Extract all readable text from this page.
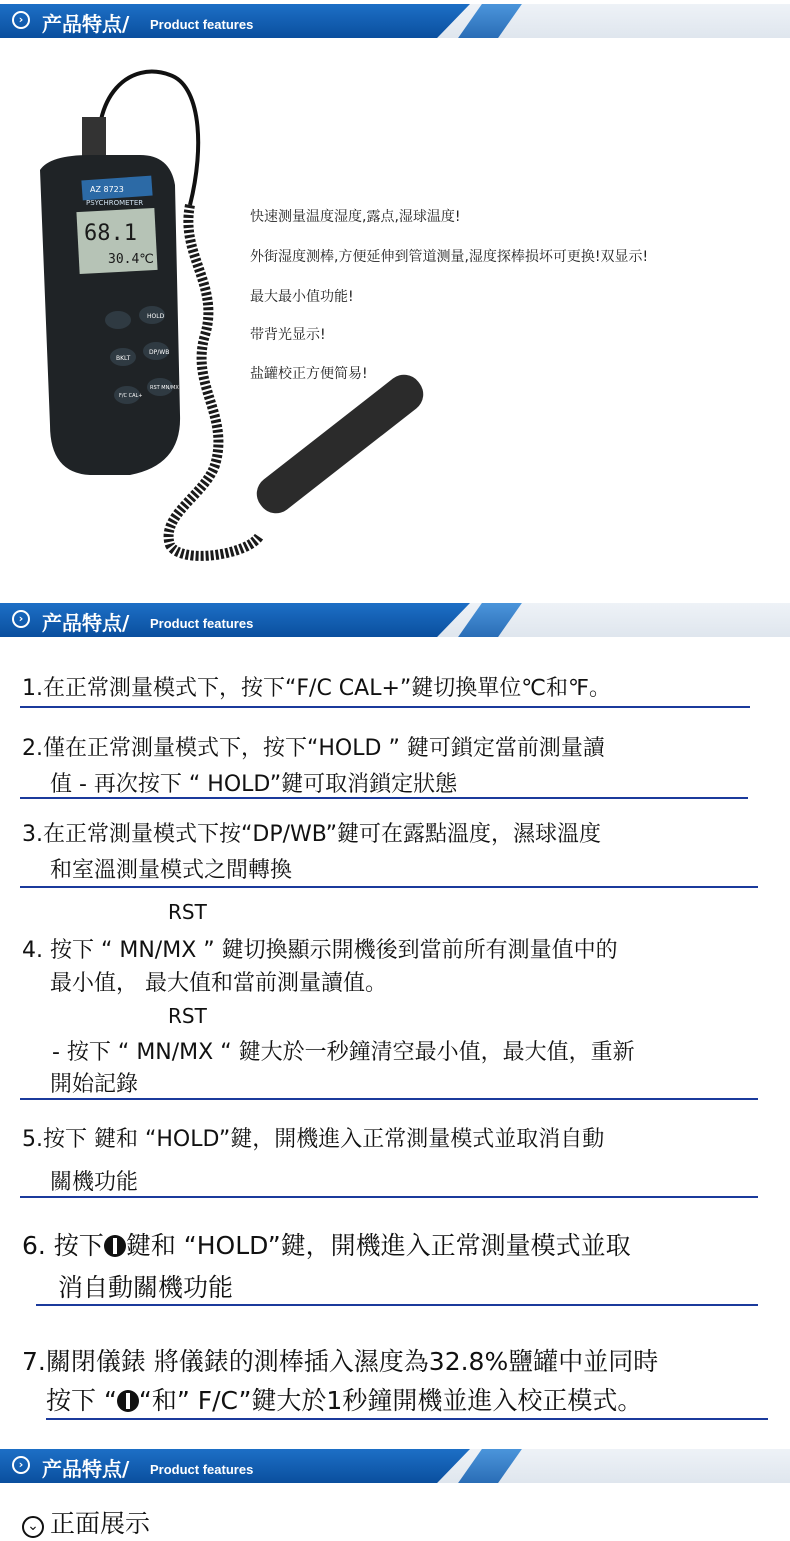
› 产品特点/ Product features
AZ 8723
PSYCHROMETER
68.1
30.4℃
HOLD
BKLT
DP/WB
F/C CAL+
RST MN/MX
快速测量温度湿度,露点,湿球温度!
外街湿度测棒,方便延伸到管道测量,湿度探棒损坏可更换!双显示!
最大最小值功能!
带背光显示!
盐罐校正方便简易!
› 产品特点/ Product features
1.在正常測量模式下，按下“F/C CAL+”鍵切換單位℃和℉。
2.僅在正常測量模式下，按下“HOLD ” 鍵可鎖定當前測量讀
值 - 再次按下 “ HOLD”鍵可取消鎖定狀態
3.在正常測量模式下按“DP/WB”鍵可在露點溫度，濕球溫度
和室溫測量模式之間轉換
RST
4. 按下 “ MN/MX ” 鍵切換顯示開機後到當前所有測量值中的
最小值， 最大值和當前測量讀值。
RST
- 按下 “ MN/MX “ 鍵大於一秒鐘清空最小值，最大值，重新
開始記錄
5.按下 鍵和 “HOLD”鍵，開機進入正常測量模式並取消自動
關機功能
6. 按下 鍵和 “HOLD”鍵，開機進入正常測量模式並取
消自動關機功能
7.關閉儀錶 將儀錶的測棒插入濕度為32.8%鹽罐中並同時
按下 “ “和” F/C”鍵大於1秒鐘開機並進入校正模式。
› 产品特点/ Product features
⌄ 正面展示
